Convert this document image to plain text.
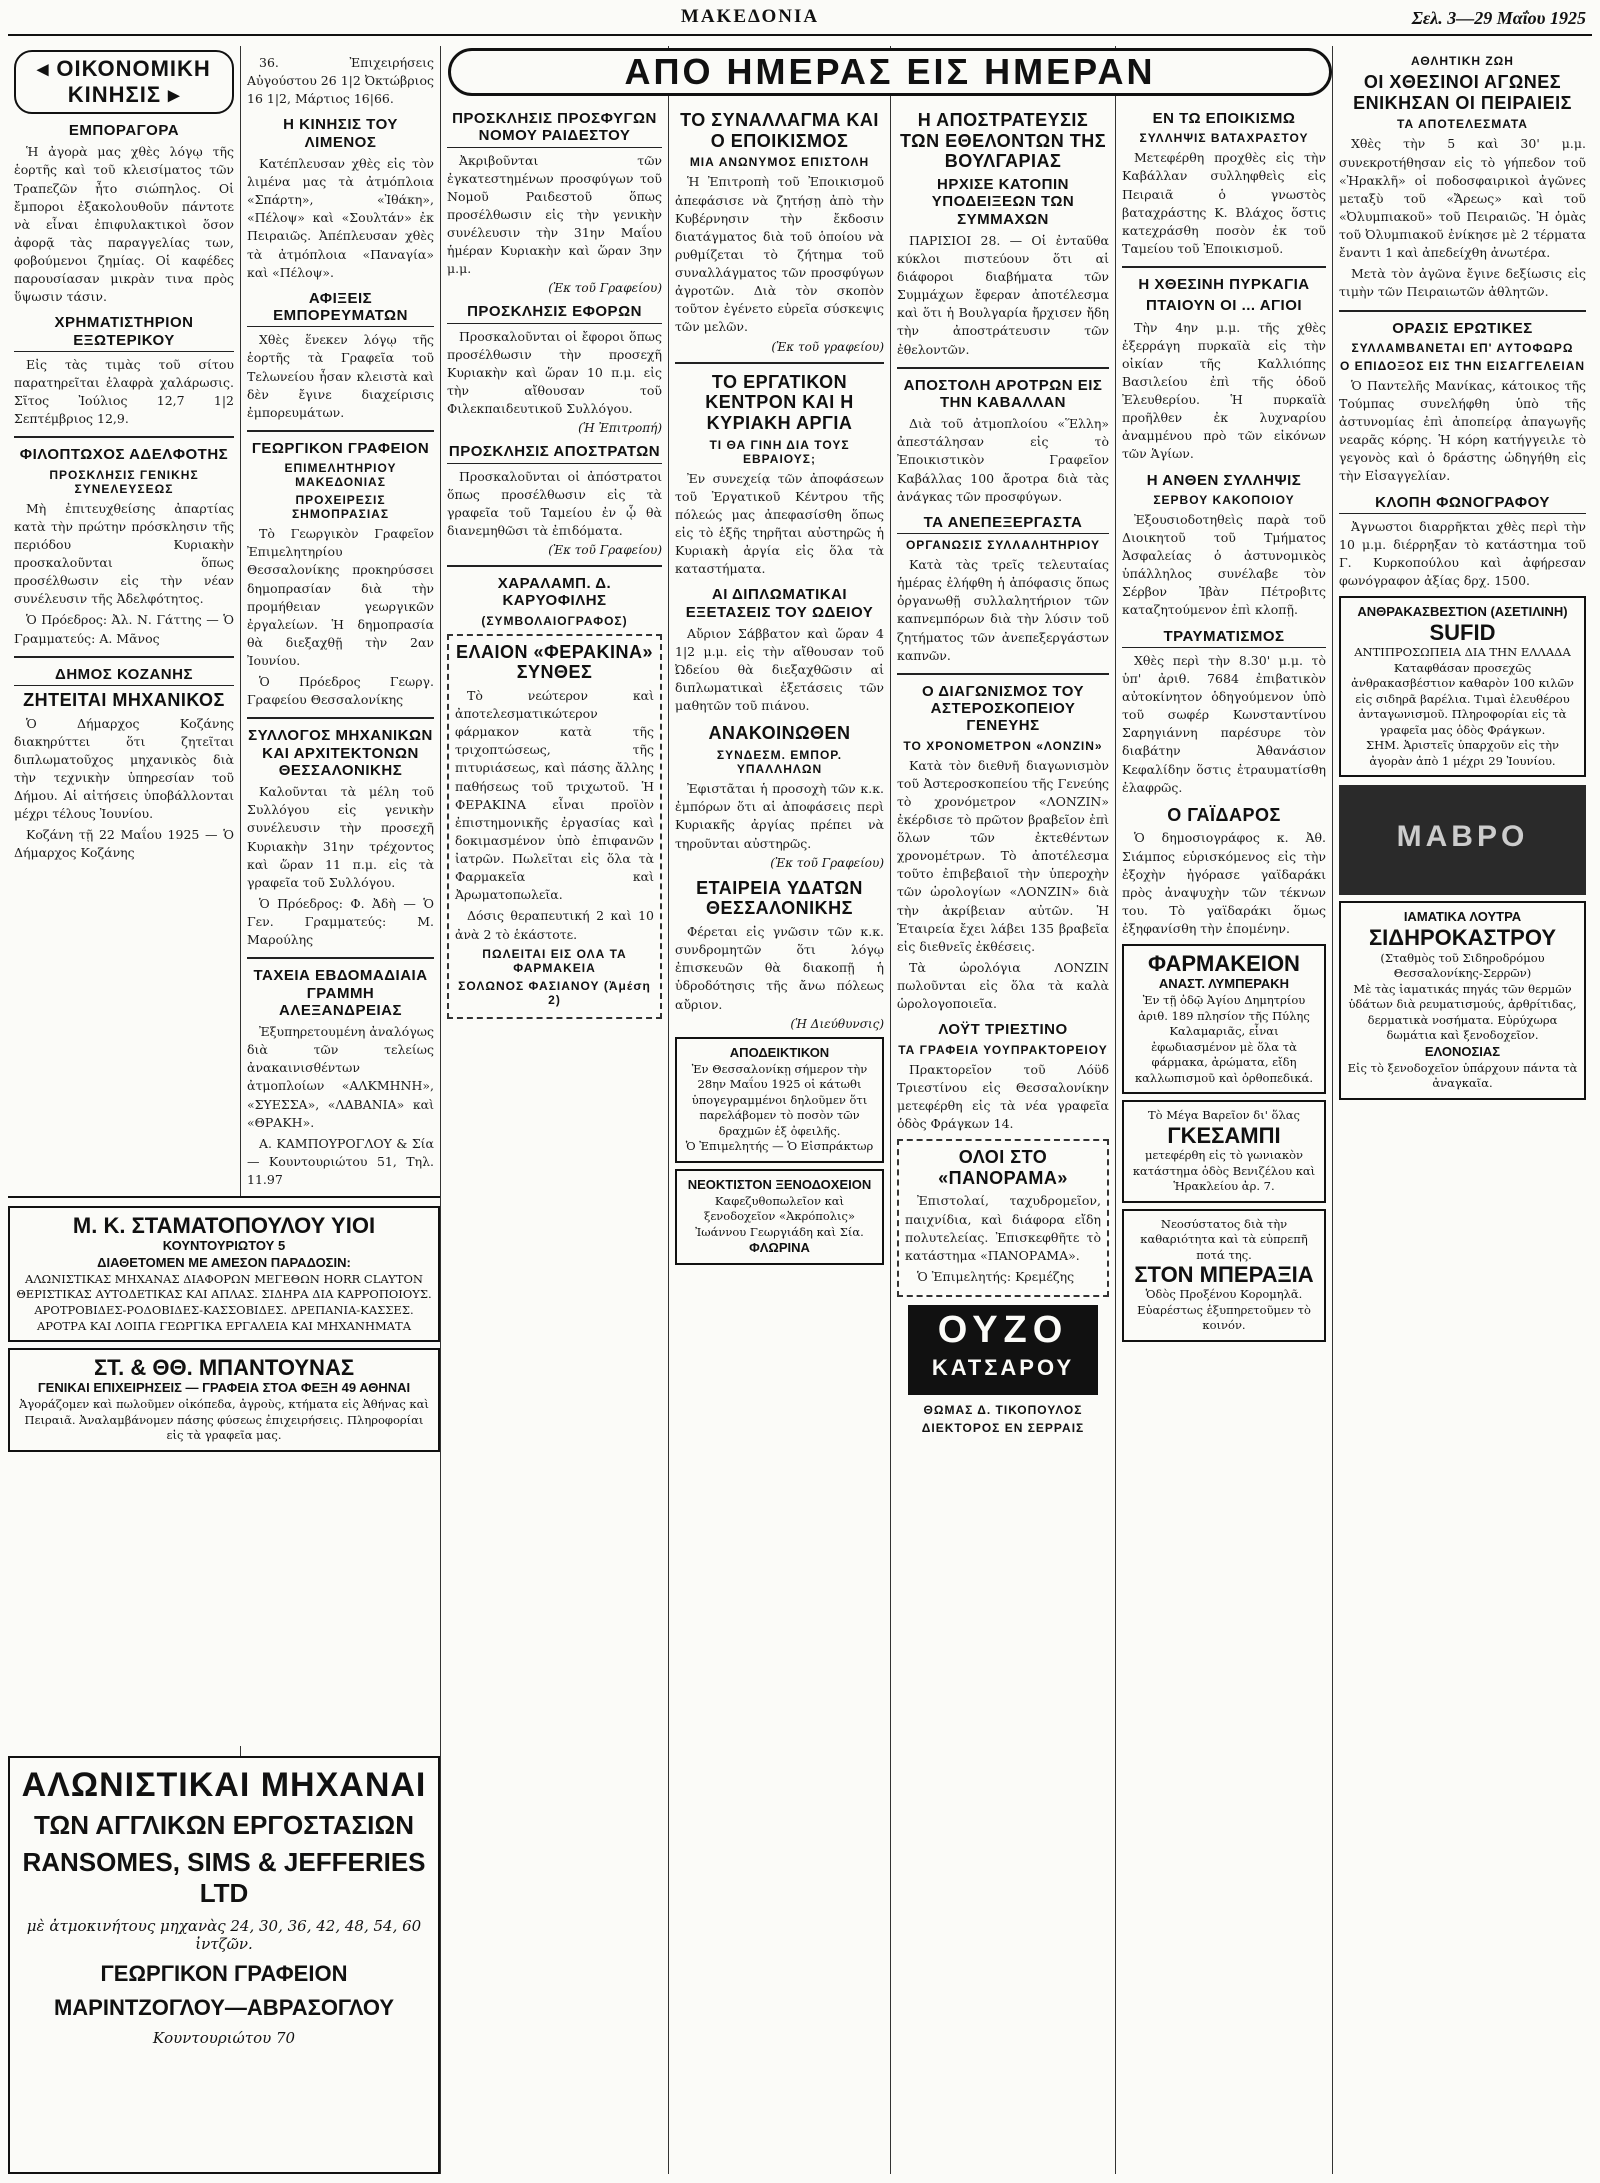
ΜΑΚΕΔΟΝΙΑ	Σελ. 3—29 Μαΐου 1925
ΑΠΟ ΗΜΕΡΑΣ ΕΙΣ ΗΜΕΡΑΝ
◂ ΟΙΚΟΝΟΜΙΚΗ ΚΙΝΗΣΙΣ ▸
ΕΜΠΟΡΑΓΟΡΑ

Ἡ ἀγορὰ μας χθὲς λόγῳ τῆς ἑορτῆς καὶ τοῦ κλεισίματος τῶν Τραπεζῶν ἦτο σιώπηλος. Οἱ ἔμποροι ἐξακολουθοῦν πάντοτε νὰ εἶναι ἐπιφυλακτικοὶ ὅσον ἀφορᾷ τὰς παραγγελίας των, φοβούμενοι ζημίας. Οἱ καφέδες παρουσίασαν μικρὰν τινα πρὸς ὕψωσιν τάσιν.

ΧΡΗΜΑΤΙΣΤΗΡΙΟΝ ΕΞΩΤΕΡΙΚΟΥ

Εἰς τὰς τιμὰς τοῦ σίτου παρατηρεῖται ἐλαφρὰ χαλάρωσις. Σῖτος Ἰούλιος 12,7 1|2 Σεπτέμβριος 12,9.

ΦΙΛΟΠΤΩΧΟΣ ΑΔΕΛΦΟΤΗΣ
ΠΡΟΣΚΛΗΣΙΣ ΓΕΝΙΚΗΣ ΣΥΝΕΛΕΥΣΕΩΣ

Μὴ ἐπιτευχθείσης ἀπαρτίας κατὰ τὴν πρώτην πρόσκλησιν τῆς περιόδου Κυριακὴν προσκαλοῦνται ὅπως προσέλθωσιν εἰς τὴν νέαν συνέλευσιν τῆς Ἀδελφότητος.

Ὁ Πρόεδρος: Ἀλ. Ν. Γάττης — Ὁ Γραμματεύς: Α. Μᾶνος

ΔΗΜΟΣ ΚΟΖΑΝΗΣ
ΖΗΤΕΙΤΑΙ ΜΗΧΑΝΙΚΟΣ

Ὁ Δήμαρχος Κοζάνης διακηρύττει ὅτι ζητεῖται διπλωματοῦχος μηχανικὸς διὰ τὴν τεχνικὴν ὑπηρεσίαν τοῦ Δήμου. Αἱ αἰτήσεις ὑποβάλλονται μέχρι τέλους Ἰουνίου.

Κοζάνη τῇ 22 Μαΐου 1925 — Ὁ Δήμαρχος Κοζάνης

36. Ἐπιχειρήσεις Αὐγούστου 26 1|2 Ὀκτώβριος 16 1|2, Μάρτιος 16|66.

Η ΚΙΝΗΣΙΣ ΤΟΥ ΛΙΜΕΝΟΣ

Κατέπλευσαν χθὲς εἰς τὸν λιμένα μας τὰ ἀτμόπλοια «Σπάρτη», «Ἰθάκη», «Πέλοψ» καὶ «Σουλτάν» ἐκ Πειραιῶς. Ἀπέπλευσαν χθὲς τὰ ἀτμόπλοια «Παναγία» καὶ «Πέλοψ».

ΑΦΙΞΕΙΣ ΕΜΠΟΡΕΥΜΑΤΩΝ

Χθὲς ἕνεκεν λόγῳ τῆς ἑορτῆς τὰ Γραφεῖα τοῦ Τελωνείου ἦσαν κλειστὰ καὶ δὲν ἔγινε διαχείρισις ἐμπορευμάτων.

ΓΕΩΡΓΙΚΟΝ ΓΡΑΦΕΙΟΝ
ΕΠΙΜΕΛΗΤΗΡΙΟΥ ΜΑΚΕΔΟΝΙΑΣ
ΠΡΟΧΕΙΡΕΣΙΣ ΣΗΜΟΠΡΑΣΙΑΣ

Τὸ Γεωργικὸν Γραφεῖον Ἐπιμελητηρίου Θεσσαλονίκης προκηρύσσει δημοπρασίαν διὰ τὴν προμήθειαν γεωργικῶν ἐργαλείων. Ἡ δημοπρασία θὰ διεξαχθῇ τὴν 2αν Ἰουνίου.

Ὁ Πρόεδρος Γεωργ. Γραφείου Θεσσαλονίκης

ΣΥΛΛΟΓΟΣ ΜΗΧΑΝΙΚΩΝ ΚΑΙ ΑΡΧΙΤΕΚΤΟΝΩΝ ΘΕΣΣΑΛΟΝΙΚΗΣ

Καλοῦνται τὰ μέλη τοῦ Συλλόγου εἰς γενικὴν συνέλευσιν τὴν προσεχῆ Κυριακὴν 31ην τρέχοντος καὶ ὥραν 11 π.μ. εἰς τὰ γραφεῖα τοῦ Συλλόγου.

Ὁ Πρόεδρος: Φ. Ἀδὴ — Ὁ Γεν. Γραμματεύς: Μ. Μαρούλης

ΤΑΧΕΙΑ ΕΒΔΟΜΑΔΙΑΙΑ ΓΡΑΜΜΗ ΑΛΕΞΑΝΔΡΕΙΑΣ

Ἐξυπηρετουμένη ἀναλόγως διὰ τῶν τελείως ἀνακαινισθέντων ἀτμοπλοίων «ΑΛΚΜΗΝΗ», «ΣΥΕΣΣΑ», «ΛΑΒΑΝΙΑ» καὶ «ΘΡΑΚΗ».

Α. ΚΑΜΠΟΥΡΟΓΛΟΥ & Σία — Κουντουριώτου 51, Τηλ. 11.97

ΠΡΟΣΚΛΗΣΙΣ ΠΡΟΣΦΥΓΩΝ ΝΟΜΟΥ ΡΑΙΔΕΣΤΟΥ

Ἀκριβοῦνται τῶν ἐγκατεστημένων προσφύγων τοῦ Νομοῦ Ραιδεστοῦ ὅπως προσέλθωσιν εἰς τὴν γενικὴν συνέλευσιν τὴν 31ην Μαΐου ἡμέραν Κυριακὴν καὶ ὥραν 3ην μ.μ.

(Ἐκ τοῦ Γραφείου)
ΠΡΟΣΚΛΗΣΙΣ ΕΦΟΡΩΝ

Προσκαλοῦνται οἱ ἔφοροι ὅπως προσέλθωσιν τὴν προσεχῆ Κυριακὴν καὶ ὥραν 10 π.μ. εἰς τὴν αἴθουσαν τοῦ Φιλεκπαιδευτικοῦ Συλλόγου.

(Ἡ Ἐπιτροπή)
ΠΡΟΣΚΛΗΣΙΣ ΑΠΟΣΤΡΑΤΩΝ

Προσκαλοῦνται οἱ ἀπόστρατοι ὅπως προσέλθωσιν εἰς τὰ γραφεῖα τοῦ Ταμείου ἐν ᾧ θὰ διανεμηθῶσι τὰ ἐπιδόματα.

(Ἐκ τοῦ Γραφείου)
ΧΑΡΑΛΑΜΠ. Δ. ΚΑΡΥΟΦΙΛΗΣ
(ΣΥΜΒΟΛΑΙΟΓΡΑΦΟΣ)
ΕΛΑΙΟΝ «ΦΕΡΑΚΙΝΑ» ΣΥΝΘΕΣ

Τὸ νεώτερον καὶ ἀποτελεσματικώτερον φάρμακον κατὰ τῆς τριχοπτώσεως, τῆς πιτυριάσεως, καὶ πάσης ἄλλης παθήσεως τοῦ τριχωτοῦ. Ἡ ΦΕΡΑΚΙΝΑ εἶναι προϊὸν ἐπιστημονικῆς ἐργασίας καὶ δοκιμασμένον ὑπὸ ἐπιφανῶν ἰατρῶν. Πωλεῖται εἰς ὅλα τὰ Φαρμακεῖα καὶ Ἀρωματοπωλεῖα.

Δόσις θεραπευτική 2 καὶ 10 ἀνὰ 2 τὸ ἑκάστοτε.

ΠΩΛΕΙΤΑΙ ΕΙΣ ΟΛΑ ΤΑ ΦΑΡΜΑΚΕΙΑ
ΣΟΛΩΝΟΣ ΦΑΣΙΑΝΟΥ (Ἀμέση 2)
ΤΟ ΣΥΝΑΛΛΑΓΜΑ ΚΑΙ Ο ΕΠΟΙΚΙΣΜΟΣ
ΜΙΑ ΑΝΩΝΥΜΟΣ ΕΠΙΣΤΟΛΗ

Ἡ Ἐπιτροπὴ τοῦ Ἐποικισμοῦ ἀπεφάσισε νὰ ζητήσῃ ἀπὸ τὴν Κυβέρνησιν τὴν ἔκδοσιν διατάγματος διὰ τοῦ ὁποίου νὰ ρυθμίζεται τὸ ζήτημα τοῦ συναλλάγματος τῶν προσφύγων ἀγροτῶν. Διὰ τὸν σκοπὸν τοῦτον ἐγένετο εὐρεῖα σύσκεψις τῶν μελῶν.

(Ἐκ τοῦ γραφείου)
ΤΟ ΕΡΓΑΤΙΚΟΝ ΚΕΝΤΡΟΝ ΚΑΙ Η ΚΥΡΙΑΚΗ ΑΡΓΙΑ
ΤΙ ΘΑ ΓΙΝΗ ΔΙΑ ΤΟΥΣ ΕΒΡΑΙΟΥΣ;

Ἐν συνεχείᾳ τῶν ἀποφάσεων τοῦ Ἐργατικοῦ Κέντρου τῆς πόλεώς μας ἀπεφασίσθη ὅπως εἰς τὸ ἑξῆς τηρῆται αὐστηρῶς ἡ Κυριακὴ ἀργία εἰς ὅλα τὰ καταστήματα.

ΑΙ ΔΙΠΛΩΜΑΤΙΚΑΙ ΕΞΕΤΑΣΕΙΣ ΤΟΥ ΩΔΕΙΟΥ

Αὔριον Σάββατον καὶ ὥραν 4 1|2 μ.μ. εἰς τὴν αἴθουσαν τοῦ Ὠδείου θὰ διεξαχθῶσιν αἱ διπλωματικαὶ ἐξετάσεις τῶν μαθητῶν τοῦ πιάνου.

ΑΝΑΚΟΙΝΩΘΕΝ
ΣΥΝΔΕΣΜ. ΕΜΠΟΡ. ΥΠΑΛΛΗΛΩΝ

Ἐφιστᾶται ἡ προσοχὴ τῶν κ.κ. ἐμπόρων ὅτι αἱ ἀποφάσεις περὶ Κυριακῆς ἀργίας πρέπει νὰ τηροῦνται αὐστηρῶς.

(Ἐκ τοῦ Γραφείου)
ΕΤΑΙΡΕΙΑ ΥΔΑΤΩΝ ΘΕΣΣΑΛΟΝΙΚΗΣ

Φέρεται εἰς γνῶσιν τῶν κ.κ. συνδρομητῶν ὅτι λόγῳ ἐπισκευῶν θὰ διακοπῇ ἡ ὑδροδότησις τῆς ἄνω πόλεως αὔριον.

(Ἡ Διεύθυνσις)
ΑΠΟΔΕΙΚΤΙΚΟΝ
Ἐν Θεσσαλονίκῃ σήμερον τὴν 28ην Μαΐου 1925 οἱ κάτωθι ὑπογεγραμμένοι δηλοῦμεν ὅτι παρελάβομεν τὸ ποσὸν τῶν δραχμῶν ἐξ ὀφειλῆς.
Ὁ Ἐπιμελητής — Ὁ Εἰσπράκτωρ
ΝΕΟΚΤΙΣΤΟΝ ΞΕΝΟΔΟΧΕΙΟΝ
Καφεζυθοπωλεῖον καὶ ξενοδοχεῖον «Ἀκρόπολις» Ἰωάννου Γεωργιάδη καὶ Σία.
ΦΛΩΡΙΝΑ
Η ΑΠΟΣΤΡΑΤΕΥΣΙΣ ΤΩΝ ΕΘΕΛΟΝΤΩΝ ΤΗΣ ΒΟΥΛΓΑΡΙΑΣ
ΗΡΧΙΣΕ ΚΑΤΟΠΙΝ ΥΠΟΔΕΙΞΕΩΝ ΤΩΝ ΣΥΜΜΑΧΩΝ

ΠΑΡΙΣΙΟΙ 28. — Οἱ ἐνταῦθα κύκλοι πιστεύουν ὅτι αἱ διάφοροι διαβήματα τῶν Συμμάχων ἔφεραν ἀποτέλεσμα καὶ ὅτι ἡ Βουλγαρία ἤρχισεν ἤδη τὴν ἀποστράτευσιν τῶν ἐθελοντῶν.

ΑΠΟΣΤΟΛΗ ΑΡΟΤΡΩΝ ΕΙΣ ΤΗΝ ΚΑΒΑΛΛΑΝ

Διὰ τοῦ ἀτμοπλοίου «Ἕλλη» ἀπεστάλησαν εἰς τὸ Ἐποικιστικὸν Γραφεῖον Καβάλλας 100 ἄροτρα διὰ τὰς ἀνάγκας τῶν προσφύγων.

ΤΑ ΑΝΕΠΕΞΕΡΓΑΣΤΑ
ΟΡΓΑΝΩΣΙΣ ΣΥΛΛΑΛΗΤΗΡΙΟΥ

Κατὰ τὰς τρεῖς τελευταίας ἡμέρας ἐλήφθη ἡ ἀπόφασις ὅπως ὀργανωθῇ συλλαλητήριον τῶν καπνεμπόρων διὰ τὴν λύσιν τοῦ ζητήματος τῶν ἀνεπεξεργάστων καπνῶν.

Ο ΔΙΑΓΩΝΙΣΜΟΣ ΤΟΥ ΑΣΤΕΡΟΣΚΟΠΕΙΟΥ ΓΕΝΕΥΗΣ
ΤΟ ΧΡΟΝΟΜΕΤΡΟΝ «ΛΟΝΖΙΝ»

Κατὰ τὸν διεθνῆ διαγωνισμὸν τοῦ Ἀστεροσκοπείου τῆς Γενεύης τὸ χρονόμετρον «ΛΟΝΖΙΝ» ἐκέρδισε τὸ πρῶτον βραβεῖον ἐπὶ ὅλων τῶν ἐκτεθέντων χρονομέτρων. Τὸ ἀποτέλεσμα τοῦτο ἐπιβεβαιοῖ τὴν ὑπεροχὴν τῶν ὡρολογίων «ΛΟΝΖΙΝ» διὰ τὴν ἀκρίβειαν αὐτῶν. Ἡ Ἑταιρεία ἔχει λάβει 135 βραβεῖα εἰς διεθνεῖς ἐκθέσεις.

Τὰ ὡρολόγια ΛΟΝΖΙΝ πωλοῦνται εἰς ὅλα τὰ καλὰ ὡρολογοποιεῖα.

ΛΟΫΤ ΤΡΙΕΣΤΙΝΟ
ΤΑ ΓΡΑΦΕΙΑ ΥΟΥΠΡΑΚΤΟΡΕΙΟΥ

Πρακτορεῖον τοῦ Λόϋδ Τριεστίνου εἰς Θεσσαλονίκην μετεφέρθη εἰς τὰ νέα γραφεῖα ὁδὸς Φράγκων 14.

ΟΛΟΙ ΣΤΟ «ΠΑΝΟΡΑΜΑ»

Ἐπιστολαί, ταχυδρομεῖον, παιχνίδια, καὶ διάφορα εἴδη πολυτελείας. Ἐπισκεφθῆτε τὸ κατάστημα «ΠΑΝΟΡΑΜΑ».

Ὁ Ἐπιμελητής: Κρεμέζης

ΟΥΖΟ
ΚΑΤΣΑΡΟΥ
ΘΩΜΑΣ Δ. ΤΙΚΟΠΟΥΛΟΣ
ΔΙΕΚΤΟΡΟΣ ΕΝ ΣΕΡΡΑΙΣ
ΕΝ ΤΩ ΕΠΟΙΚΙΣΜΩ
ΣΥΛΛΗΨΙΣ ΒΑΤΑΧΡΑΣΤΟΥ

Μετεφέρθη προχθὲς εἰς τὴν Καβάλλαν συλληφθεὶς εἰς Πειραιᾶ ὁ γνωστὸς βαταχράστης Κ. Βλάχος ὅστις κατεχράσθη ποσὸν ἐκ τοῦ Ταμείου τοῦ Ἐποικισμοῦ.

Η ΧΘΕΣΙΝΗ ΠΥΡΚΑΓΙΑ
ΠΤΑΙΟΥΝ ΟΙ ... ΑΓΙΟΙ

Τὴν 4ην μ.μ. τῆς χθὲς ἐξερράγη πυρκαϊὰ εἰς τὴν οἰκίαν τῆς Καλλιόπης Βασιλείου ἐπὶ τῆς ὁδοῦ Ἐλευθερίου. Ἡ πυρκαϊὰ προῆλθεν ἐκ λυχναρίου ἀναμμένου πρὸ τῶν εἰκόνων τῶν Ἁγίων.

Η ΑΝΘΕΝ ΣΥΛΛΗΨΙΣ
ΣΕΡΒΟΥ ΚΑΚΟΠΟΙΟΥ

Ἐξουσιοδοτηθεὶς παρὰ τοῦ Διοικητοῦ τοῦ Τμήματος Ἀσφαλείας ὁ ἀστυνομικὸς ὑπάλληλος συνέλαβε τὸν Σέρβον Ἰβὰν Πέτροβιτς καταζητούμενον ἐπὶ κλοπῇ.

ΤΡΑΥΜΑΤΙΣΜΟΣ

Χθὲς περὶ τὴν 8.30' μ.μ. τὸ ὑπ' ἀριθ. 7684 ἐπιβατικὸν αὐτοκίνητον ὁδηγούμενον ὑπὸ τοῦ σωφέρ Κωνσταντίνου Σαρηγιάννη παρέσυρε τὸν διαβάτην Ἀθανάσιον Κεφαλίδην ὅστις ἐτραυματίσθη ἐλαφρῶς.

Ο ΓΑΪΔΑΡΟΣ

Ὁ δημοσιογράφος κ. Ἀθ. Σιάμπος εὑρισκόμενος εἰς τὴν ἐξοχὴν ἠγόρασε γαϊδαράκι πρὸς ἀναψυχὴν τῶν τέκνων του. Τὸ γαϊδαράκι ὅμως ἐξηφανίσθη τὴν ἐπομένην.

ΦΑΡΜΑΚΕΙΟΝ
ΑΝΑΣΤ. ΛΥΜΠΕΡΑΚΗ
Ἐν τῇ ὁδῷ Ἀγίου Δημητρίου ἀριθ. 189 πλησίον τῆς Πύλης Καλαμαριᾶς, εἶναι ἐφωδιασμένον μὲ ὅλα τὰ φάρμακα, ἀρώματα, εἴδη καλλωπισμοῦ καὶ ὀρθοπεδικά.
Τὸ Μέγα Βαρεῖον δι' ὅλας
ΓΚΕΣΑΜΠΙ
μετεφέρθη εἰς τὸ γωνιακὸν κατάστημα ὁδὸς Βενιζέλου καὶ Ἡρακλείου ἀρ. 7.
Νεοσύστατος διὰ τὴν καθαριότητα καὶ τὰ εὐπρεπῆ ποτά της.
ΣΤΟΝ ΜΠΕΡΑΞΙΑ
Ὁδὸς Προξένου Κορομηλᾶ. Εὐαρέστως ἐξυπηρετοῦμεν τὸ κοινόν.
ΑΘΛΗΤΙΚΗ ΖΩΗ
ΟΙ ΧΘΕΣΙΝΟΙ ΑΓΩΝΕΣ ΕΝΙΚΗΣΑΝ ΟΙ ΠΕΙΡΑΙΕΙΣ
ΤΑ ΑΠΟΤΕΛΕΣΜΑΤΑ

Χθὲς τὴν 5 καὶ 30' μ.μ. συνεκροτήθησαν εἰς τὸ γήπεδον τοῦ «Ἠρακλῆ» οἱ ποδοσφαιρικοὶ ἀγῶνες μεταξὺ τοῦ «Ἄρεως» καὶ τοῦ «Ὀλυμπιακοῦ» τοῦ Πειραιῶς. Ἡ ὁμὰς τοῦ Ὀλυμπιακοῦ ἐνίκησε μὲ 2 τέρματα ἔναντι 1 καὶ ἀπεδείχθη ἀνωτέρα.

Μετὰ τὸν ἀγῶνα ἔγινε δεξίωσις εἰς τιμὴν τῶν Πειραιωτῶν ἀθλητῶν.

ΟΡΑΣΙΣ ΕΡΩΤΙΚΕΣ
ΣΥΛΛΑΜΒΑΝΕΤΑΙ ΕΠ' ΑΥΤΟΦΩΡΩ
Ο ΕΠΙΔΟΞΟΣ ΕΙΣ ΤΗΝ ΕΙΣΑΓΓΕΛΕΙΑΝ

Ὁ Παντελῆς Μανίκας, κάτοικος τῆς Τούμπας συνελήφθη ὑπὸ τῆς ἀστυνομίας ἐπὶ ἀποπείρᾳ ἀπαγωγῆς νεαρᾶς κόρης. Ἡ κόρη κατήγγειλε τὸ γεγονὸς καὶ ὁ δράστης ὡδηγήθη εἰς τὴν Εἰσαγγελίαν.

ΚΛΟΠΗ ΦΩΝΟΓΡΑΦΟΥ

Ἀγνωστοι διαρρῆκται χθὲς περὶ τὴν 10 μ.μ. διέρρηξαν τὸ κατάστημα τοῦ Γ. Κυρκοπούλου καὶ ἀφήρεσαν φωνόγραφον ἀξίας δρχ. 1500.

ΑΝΘΡΑΚΑΣΒΕΣΤΙΟΝ (ΑΣΕΤΙΛΙΝΗ)
SUFID
ΑΝΤΙΠΡΟΣΩΠΕΙΑ ΔΙΑ ΤΗΝ ΕΛΛΑΔΑ
Καταφθάσαν προσεχῶς ἀνθρακασβέστιον καθαρὸν 100 κιλῶν εἰς σιδηρᾶ βαρέλια. Τιμαὶ ἐλευθέρου ἀνταγωνισμοῦ. Πληροφορίαι εἰς τὰ γραφεῖα μας ὁδὸς Φράγκων.
ΣΗΜ. Ἀριστεῖς ὑπαρχοῦν εἰς τὴν ἀγορὰν ἀπὸ 1 μέχρι 29 Ἰουνίου.
ΜΑΒΡΟ
ΙΑΜΑΤΙΚΑ ΛΟΥΤΡΑ
ΣΙΔΗΡΟΚΑΣΤΡΟΥ
(Σταθμὸς τοῦ Σιδηροδρόμου Θεσσαλονίκης-Σερρῶν)
Μὲ τὰς ἰαματικάς πηγάς τῶν θερμῶν ὑδάτων διὰ ρευματισμούς, ἀρθρίτιδας, δερματικὰ νοσήματα. Εὐρύχωρα δωμάτια καὶ ξενοδοχεῖον.
ΕΛΟΝΟΣΙΑΣ
Εἰς τὸ ξενοδοχεῖον ὑπάρχουν πάντα τὰ ἀναγκαῖα.
ΑΛΩΝΙΣΤΙΚΑΙ ΜΗΧΑΝΑΙ
ΤΩΝ ΑΓΓΛΙΚΩΝ ΕΡΓΟΣΤΑΣΙΩΝ
RANSOMES, SIMS & JEFFERIES LTD
μὲ ἀτμοκινήτους μηχανὰς 24, 30, 36, 42, 48, 54, 60 ἰντζῶν.
ΓΕΩΡΓΙΚΟΝ ΓΡΑΦΕΙΟΝ
ΜΑΡΙΝΤΖΟΓΛΟΥ—ΑΒΡΑΣΟΓΛΟΥ
Κουντουριώτου 70
Μ. Κ. ΣΤΑΜΑΤΟΠΟΥΛΟΥ ΥΙΟΙ
ΚΟΥΝΤΟΥΡΙΩΤΟΥ 5
ΔΙΑΘΕΤΟΜΕΝ ΜΕ ΑΜΕΣΟΝ ΠΑΡΑΔΟΣΙΝ:
ΑΛΩΝΙΣΤΙΚΑΣ ΜΗΧΑΝΑΣ ΔΙΑΦΟΡΩΝ ΜΕΓΕΘΩΝ ΗΟRR CLAYTON ΘΕΡΙΣΤΙΚΑΣ ΑΥΤΟΔΕΤΙΚΑΣ ΚΑΙ ΑΠΛΑΣ. ΣΙΔΗΡΑ ΔΙΑ ΚΑΡΡΟΠΟΙΟΥΣ. ΑΡΟΤΡΟΒΙΔΕΣ-ΡΟΔΟΒΙΔΕΣ-ΚΑΣΣΟΒΙΔΕΣ. ΔΡΕΠΑΝΙΑ-ΚΑΣΣΕΣ. ΑΡΟΤΡΑ ΚΑΙ ΛΟΙΠΑ ΓΕΩΡΓΙΚΑ ΕΡΓΑΛΕΙΑ ΚΑΙ ΜΗΧΑΝΗΜΑΤΑ
ΣΤ. & ΘΘ. ΜΠΑΝΤΟΥΝΑΣ
ΓΕΝΙΚΑΙ ΕΠΙΧΕΙΡΗΣΕΙΣ — ΓΡΑΦΕΙΑ ΣΤΟΑ ΦΕΞΗ 49 ΑΘΗΝΑΙ
Ἀγοράζομεν καὶ πωλοῦμεν οἰκόπεδα, ἀγροὺς, κτήματα εἰς Ἀθήνας καὶ Πειραιᾶ. Ἀναλαμβάνομεν πάσης φύσεως ἐπιχειρήσεις. Πληροφορίαι εἰς τὰ γραφεῖα μας.
